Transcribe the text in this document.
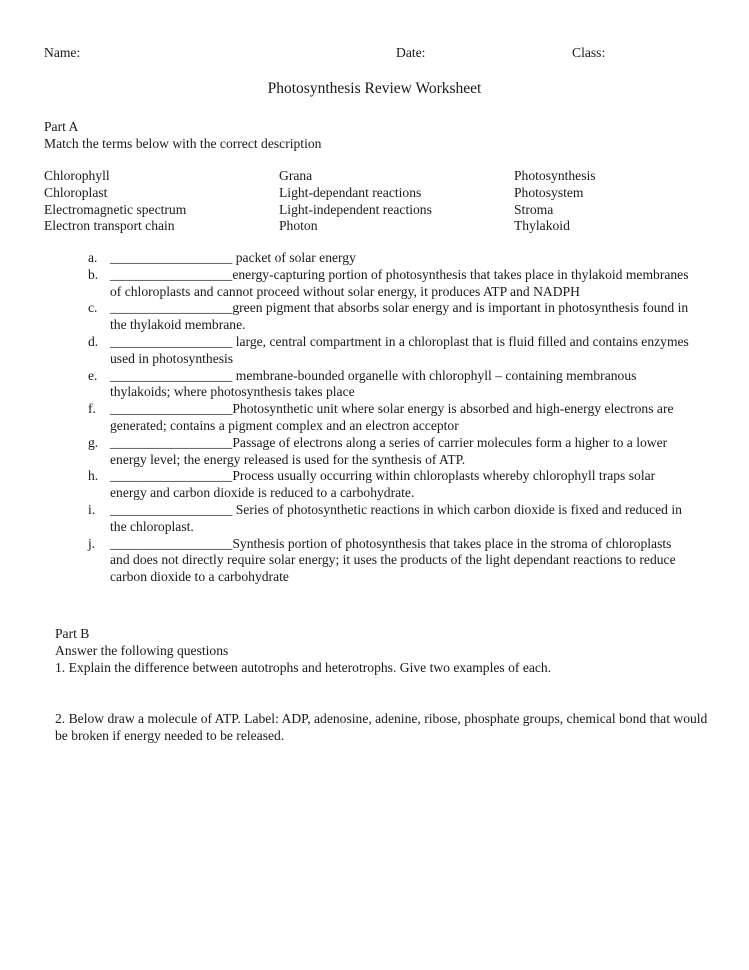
Name:	Date:	Class:
Photosynthesis Review Worksheet
Part A
Match the terms below with the correct description
Chlorophyll
Chloroplast
Electromagnetic spectrum
Electron transport chain
Grana
Light-dependant reactions
Light-independent reactions
Photon
Photosynthesis
Photosystem
Stroma
Thylakoid
a. __________________ packet of solar energy
b. __________________energy-capturing portion of photosynthesis that takes place in thylakoid membranes of chloroplasts and cannot proceed without solar energy, it produces ATP and NADPH
c. __________________green pigment that absorbs solar energy and is important in photosynthesis found in the thylakoid membrane.
d. __________________ large, central compartment in a chloroplast that is fluid filled and contains enzymes used in photosynthesis
e. __________________ membrane-bounded organelle with chlorophyll – containing membranous thylakoids; where photosynthesis takes place
f. __________________Photosynthetic unit where solar energy is absorbed and high-energy electrons are generated; contains a pigment complex and an electron acceptor
g. __________________Passage of electrons along a series of carrier molecules form a higher to a lower energy level; the energy released is used for the synthesis of ATP.
h. __________________Process usually occurring within chloroplasts whereby chlorophyll traps solar energy and carbon dioxide is reduced to a carbohydrate.
i. __________________ Series of photosynthetic reactions in which carbon dioxide is fixed and reduced in the chloroplast.
j. __________________Synthesis portion of photosynthesis that takes place in the stroma of chloroplasts and does not directly require solar energy; it uses the products of the light dependant reactions to reduce carbon dioxide to a carbohydrate
Part B
Answer the following questions

1. Explain the difference between autotrophs and heterotrophs. Give two examples of each.

2. Below draw a molecule of ATP. Label: ADP, adenosine, adenine, ribose, phosphate groups, chemical bond that would be broken if energy needed to be released.
